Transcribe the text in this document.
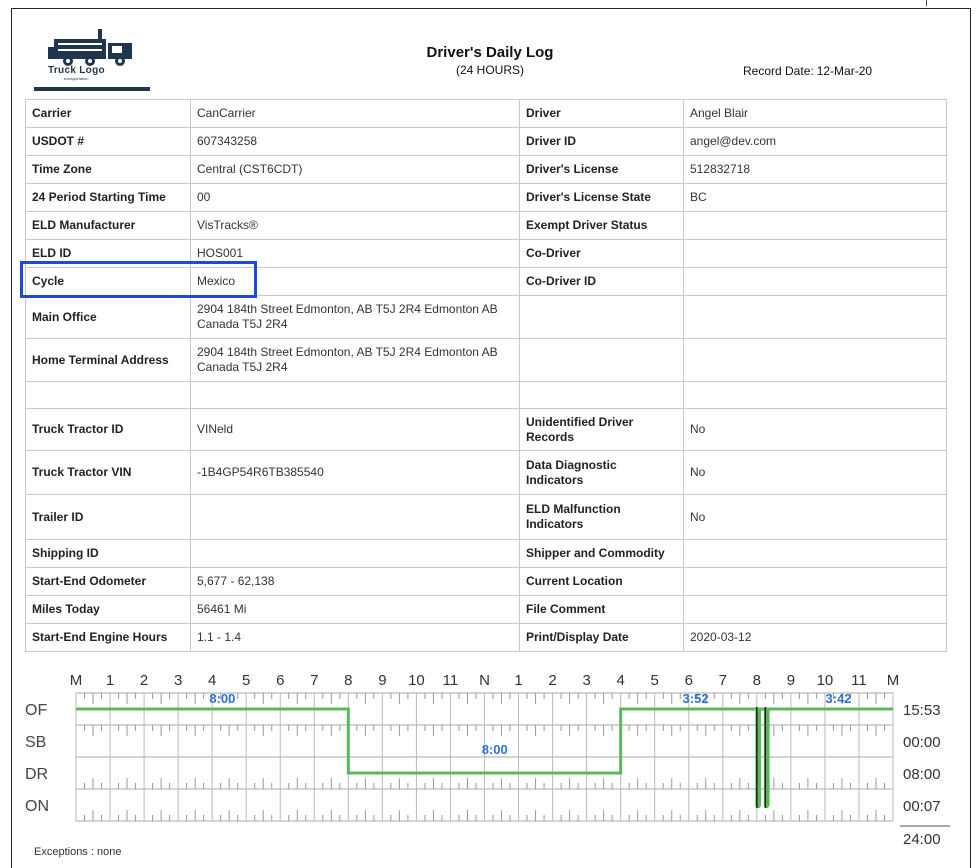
Truck Logo
transportation
Driver's Daily Log
(24 HOURS)	Record Date: 12-Mar-20
Carrier	CanCarrier	Driver	Angel Blair
USDOT #	607343258	Driver ID	angel@dev.com
Time Zone	Central (CST6CDT)	Driver's License	512832718
24 Period Starting Time	00	Driver's License State	BC
ELD Manufacturer	VisTracks®	Exempt Driver Status	
ELD ID	HOS001	Co-Driver	
Cycle	Mexico	Co-Driver ID	
Main Office	2904 184th Street Edmonton, AB T5J 2R4 Edmonton AB Canada T5J 2R4		
Home Terminal Address	2904 184th Street Edmonton, AB T5J 2R4 Edmonton AB Canada T5J 2R4		

Truck Tractor ID	VINeld	Unidentified Driver Records	No
Truck Tractor VIN	-1B4GP54R6TB385540	Data Diagnostic Indicators	No
Trailer ID		ELD Malfunction Indicators	No
Shipping ID		Shipper and Commodity	
Start-End Odometer	5,677 - 62,138	Current Location	
Miles Today	56461 Mi	File Comment	
Start-End Engine Hours	1.1 - 1.4	Print/Display Date	2020-03-12
M 1 2 3 4 5 6 7 8 9 10 11 N 1 2 3 4 5 6 7 8 9 10 11 M
OF	15:53
SB	00:00
DR	08:00
ON	00:07
24:00
8:00
8:00
3:52	3:42
Exceptions : none
